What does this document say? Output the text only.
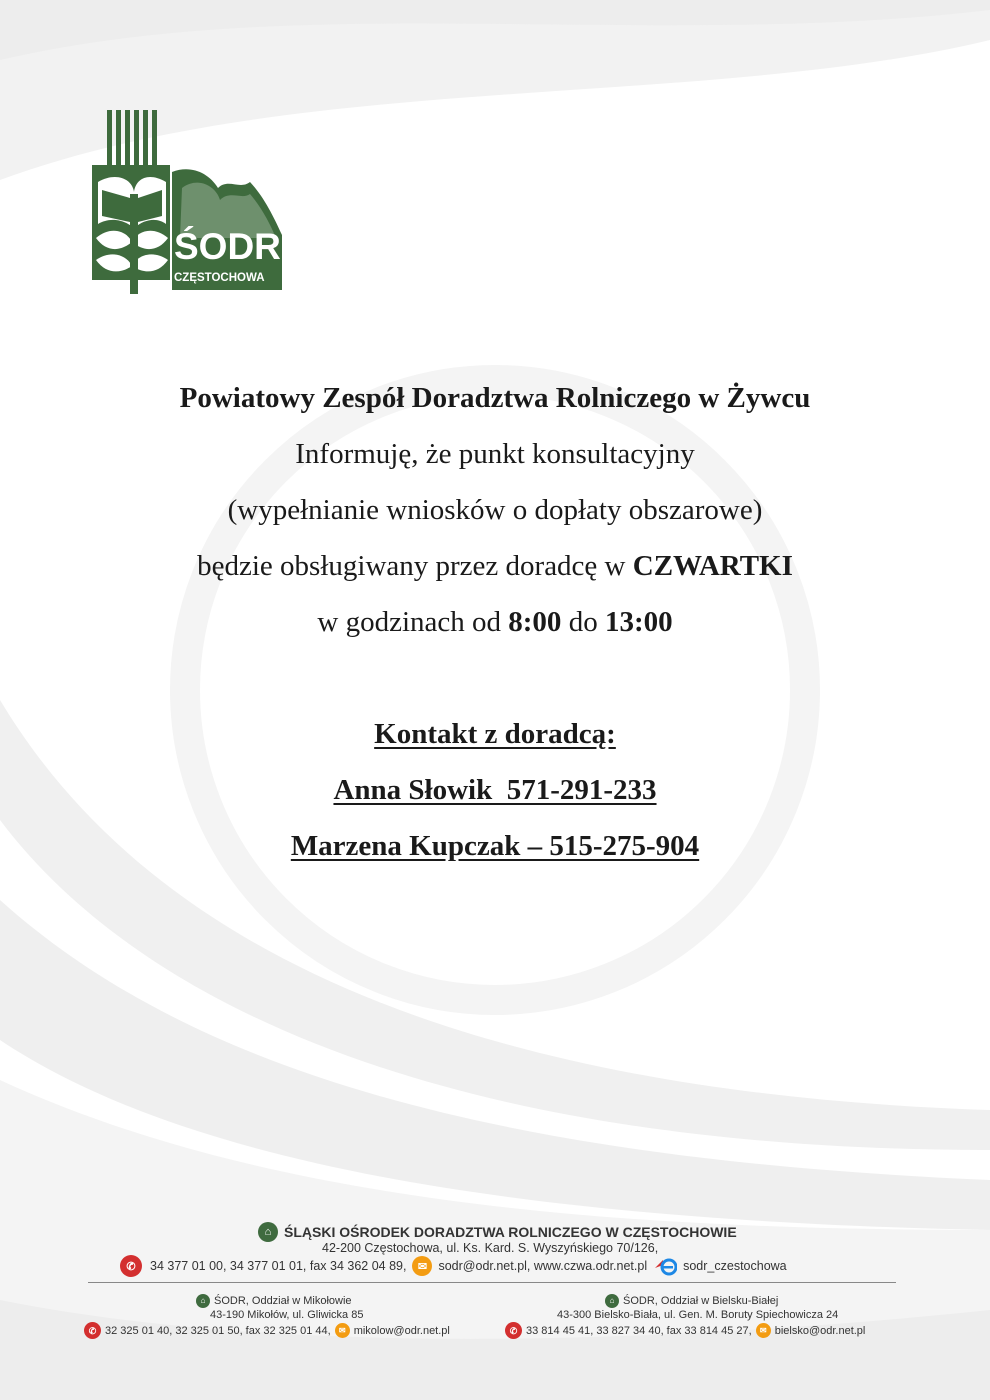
ŚODR
CZĘSTOCHOWA
Powiatowy Zespół Doradztwa Rolniczego w Żywcu
Informuję, że punkt konsultacyjny
(wypełnianie wniosków o dopłaty obszarowe)
będzie obsługiwany przez doradcę w CZWARTKI
w godzinach od 8:00 do 13:00
Kontakt z doradcą:
Anna Słowik  571-291-233
Marzena Kupczak – 515-275-904
⌂ ŚLĄSKI OŚRODEK DORADZTWA ROLNICZEGO W CZĘSTOCHOWIE
42-200 Częstochowa, ul. Ks. Kard. S. Wyszyńskiego 70/126,
✆	34 377 01 00, 34 377 01 01, fax 34 362 04 89,	✉ sodr@odr.net.pl, www.czwa.odr.net.pl	sodr_czestochowa
⌂ ŚODR, Oddział w Mikołowie
43-190 Mikołów, ul. Gliwicka 85
✆ 32 325 01 40, 32 325 01 50, fax 32 325 01 44,	✉ mikolow@odr.net.pl
⌂ ŚODR, Oddział w Bielsku-Białej
43-300 Bielsko-Biała, ul. Gen. M. Boruty Spiechowicza 24
✆ 33 814 45 41, 33 827 34 40, fax 33 814 45 27,	✉ bielsko@odr.net.pl
